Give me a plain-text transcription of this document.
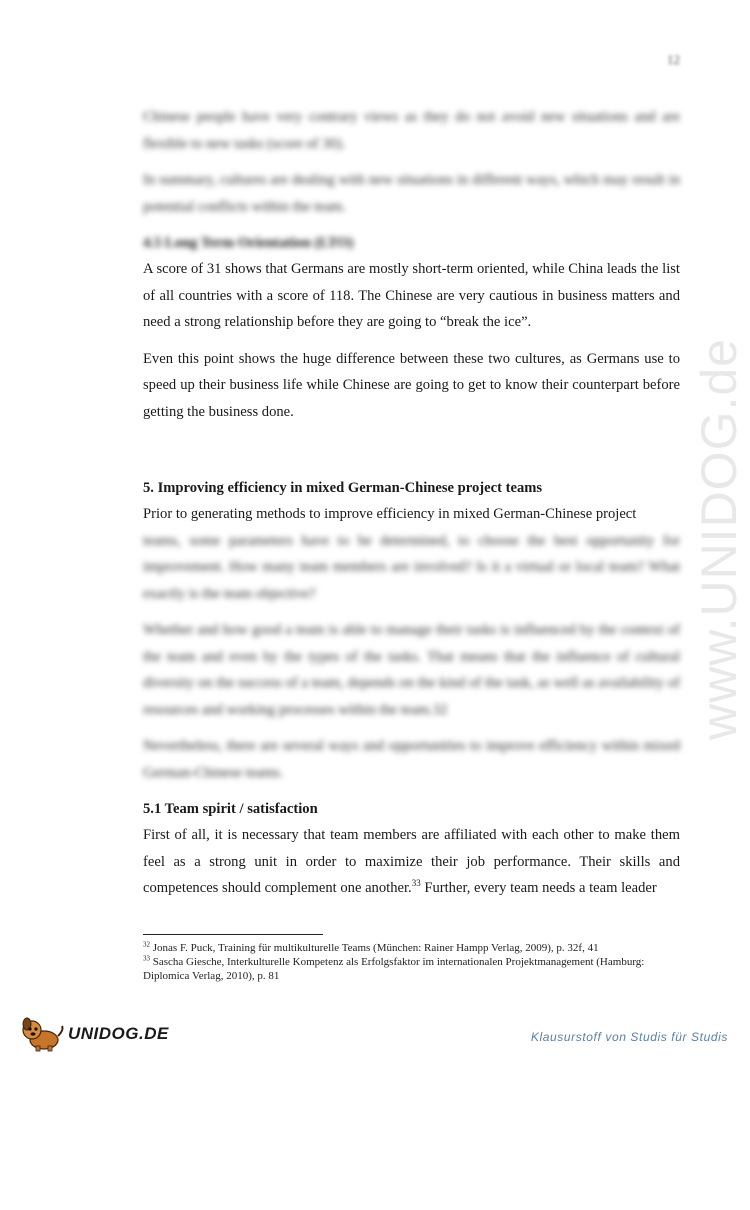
12
www.UNIDOG.de

Chinese people have very contrary views as they do not avoid new situations and are flexible to new tasks (score of 30).

In summary, cultures are dealing with new situations in different ways, which may result in potential conflicts within the team.

4.5 Long Term Orientation (LTO)

A score of 31 shows that Germans are mostly short-term oriented, while China leads the list of all countries with a score of 118. The Chinese are very cautious in business matters and need a strong relationship before they are going to “break the ice”.

Even this point shows the huge difference between these two cultures, as Germans use to speed up their business life while Chinese are going to get to know their counterpart before getting the business done.

5. Improving efficiency in mixed German-Chinese project teams

Prior to generating methods to improve efficiency in mixed German-Chinese project

teams, some parameters have to be determined, to choose the best opportunity for improvement. How many team members are involved? Is it a virtual or local team? What exactly is the team objective?

Whether and how good a team is able to manage their tasks is influenced by the context of the team and even by the types of the tasks. That means that the influence of cultural diversity on the success of a team, depends on the kind of the task, as well as availability of resources and working processes within the team.32

Nevertheless, there are several ways and opportunities to improve efficiency within mixed German-Chinese teams.

5.1 Team spirit / satisfaction

First of all, it is necessary that team members are affiliated with each other to make them feel as a strong unit in order to maximize their job performance. Their skills and competences should complement one another.$^{33}$ Further, every team needs a team leader

$^{32}$ Jonas F. Puck, Training für multikulturelle Teams (München: Rainer Hampp Verlag, 2009), p. 32f, 41
$^{33}$ Sascha Giesche, Interkulturelle Kompetenz als Erfolgsfaktor im internationalen Projektmanagement (Hamburg: Diplomica Verlag, 2010), p. 81
UNIDOG.DE	Klausurstoff von Studis für Studis
